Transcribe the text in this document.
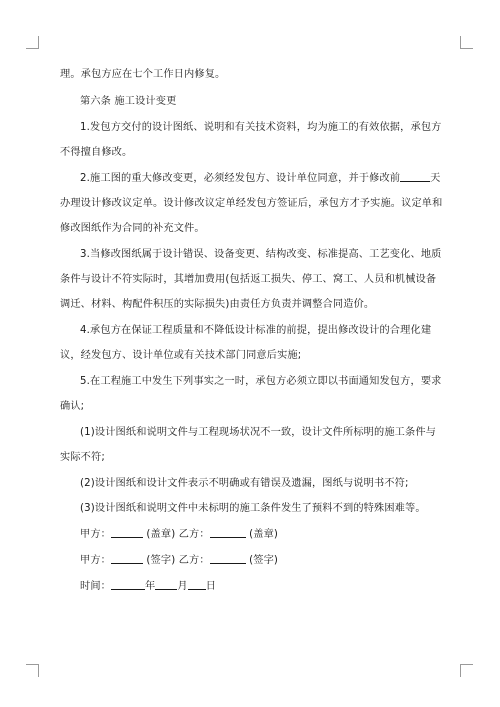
理。承包方应在七个工作日内修复。
第六条 施工设计变更
1.发包方交付的设计图纸、说明和有关技术资料，均为施工的有效依据，承包方不得擅自修改。
2.施工图的重大修改变更，必须经发包方、设计单位同意，并于修改前	天办理设计修改议定单。设计修改议定单经发包方签证后，承包方才予实施。议定单和修改图纸作为合同的补充文件。
3.当修改图纸属于设计错误、设备变更、结构改变、标准提高、工艺变化、地质条件与设计不符实际时，其增加费用(包括返工损失、停工、窝工、人员和机械设备调迁、材料、构配件积压的实际损失)由责任方负责并调整合同造价。
4.承包方在保证工程质量和不降低设计标准的前提，提出修改设计的合理化建议，经发包方、设计单位或有关技术部门同意后实施;
5.在工程施工中发生下列事实之一时，承包方必须立即以书面通知发包方，要求确认;
(1)设计图纸和说明文件与工程现场状况不一致，设计文件所标明的施工条件与实际不符;
(2)设计图纸和设计文件表示不明确或有错误及遗漏，图纸与说明书不符;
(3)设计图纸和说明文件中未标明的施工条件发生了预料不到的特殊困难等。
甲方：	(盖章) 乙方：	(盖章)
甲方：	(签字) 乙方：	(签字)
时间：	年 月 日
